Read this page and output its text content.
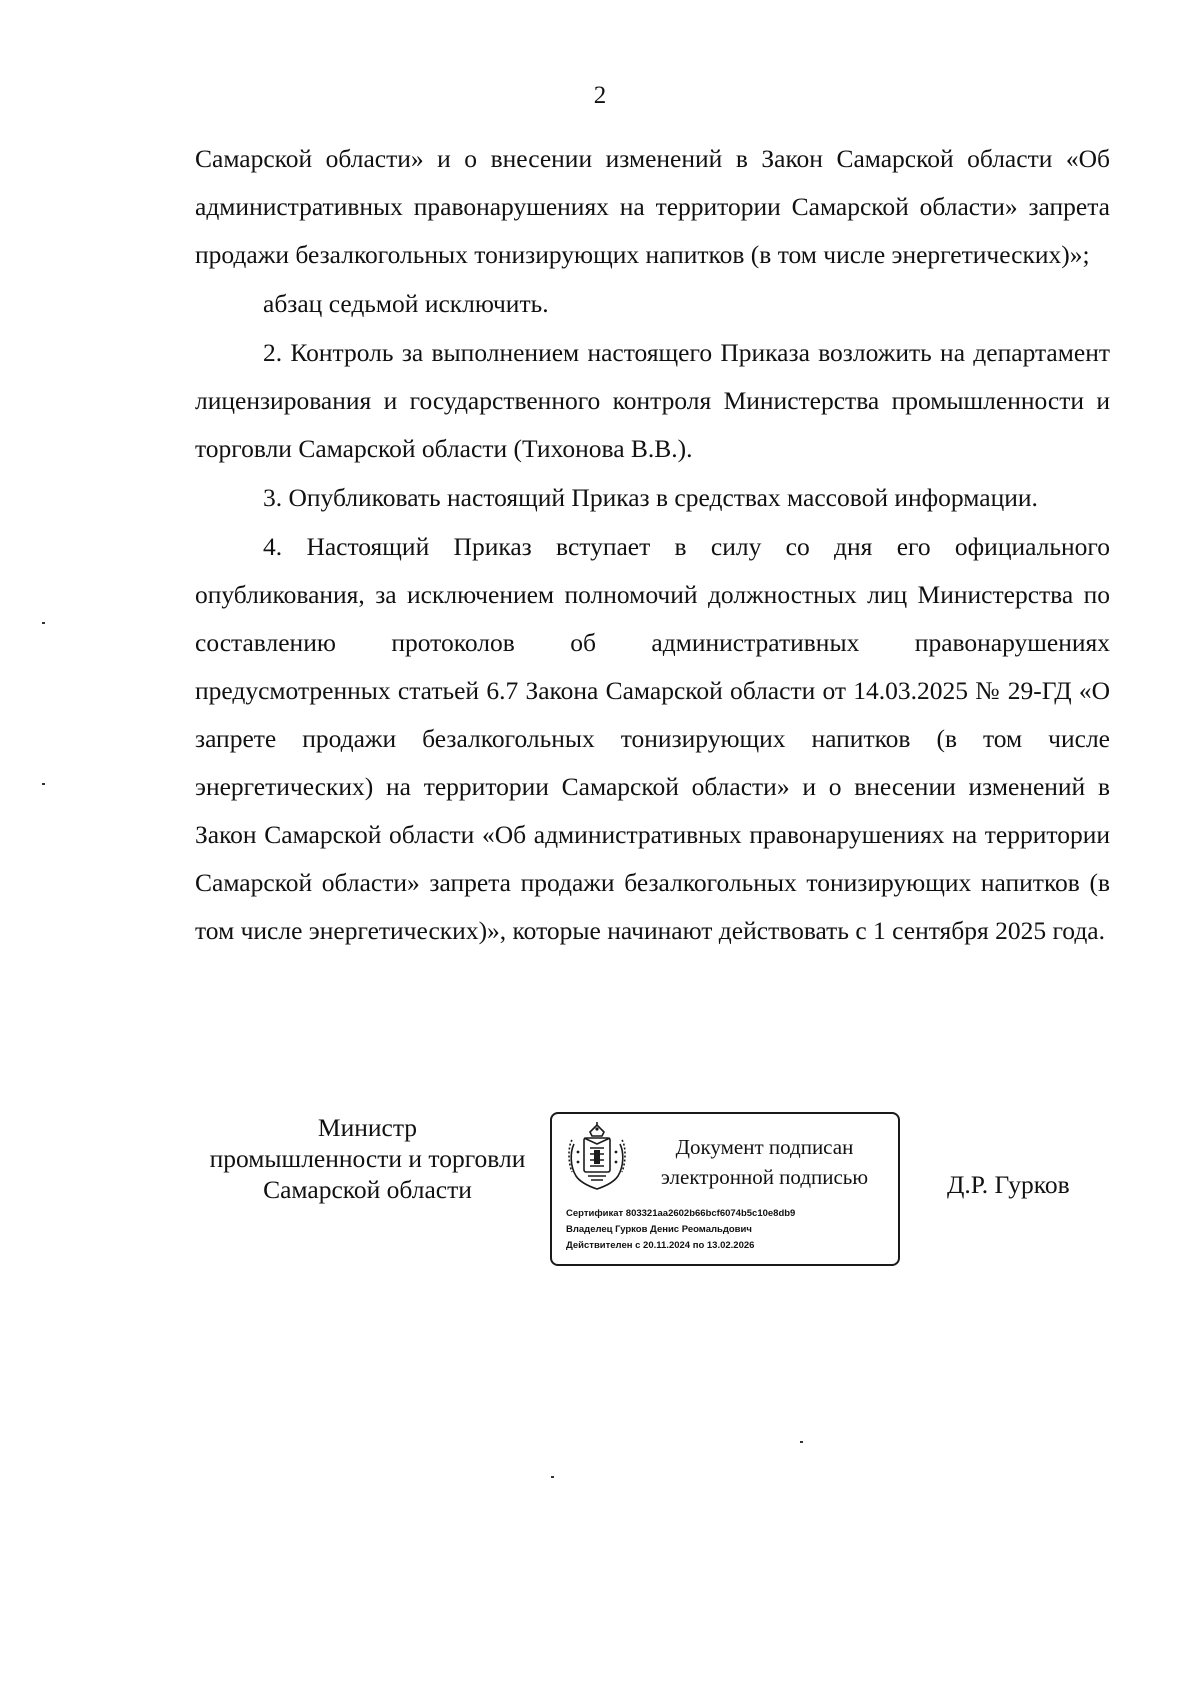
2

Самарской области» и о внесении изменений в Закон Самарской области «Об административных правонарушениях на территории Самарской области» запрета продажи безалкогольных тонизирующих напитков (в том числе энергетических)»;

абзац седьмой исключить.

2. Контроль за выполнением настоящего Приказа возложить на департамент лицензирования и государственного контроля Министерства промышленности и торговли Самарской области (Тихонова В.В.).

3. Опубликовать настоящий Приказ в средствах массовой информации.

4. Настоящий Приказ вступает в силу со дня его официального опубликования, за исключением полномочий должностных лиц Министерства по составлению протоколов об административных правонарушениях предусмотренных статьей 6.7 Закона Самарской области от 14.03.2025 № 29-ГД «О запрете продажи безалкогольных тонизирующих напитков (в том числе энергетических) на территории Самарской области» и о внесении изменений в Закон Самарской области «Об административных правонарушениях на территории Самарской области» запрета продажи безалкогольных тонизирующих напитков (в том числе энергетических)», которые начинают действовать с 1 сентября 2025 года.

Министр
промышленности и торговли
Самарской области
Документ подписан
электронной подписью
Сертификат 803321aa2602b66bcf6074b5c10e8db9
Владелец Гурков Денис Реомальдович
Действителен с 20.11.2024 по 13.02.2026
Д.Р. Гурков
